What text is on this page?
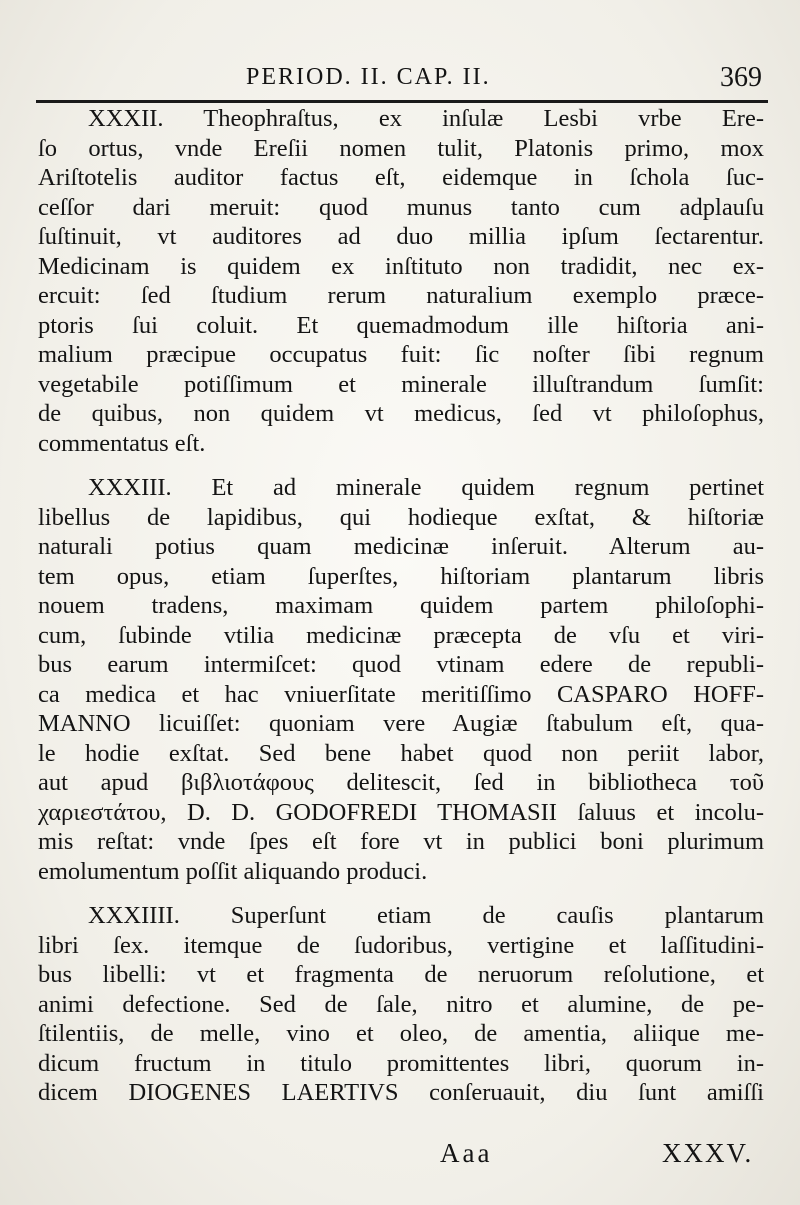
PERIOD. II. CAP. II.	369
XXXII. Theophraſtus, ex inſulæ Lesbi vrbe Ere-
ſo ortus, vnde Ereſii nomen tulit, Platonis primo, mox
Ariſtotelis auditor factus eſt, eidemque in ſchola ſuc-
ceſſor dari meruit: quod munus tanto cum adplauſu
ſuſtinuit, vt auditores ad duo millia ipſum ſectarentur.
Medicinam is quidem ex inſtituto non tradidit, nec ex-
ercuit: ſed ſtudium rerum naturalium exemplo præce-
ptoris ſui coluit. Et quemadmodum ille hiſtoria ani-
malium præcipue occupatus fuit: ſic noſter ſibi regnum
vegetabile potiſſimum et minerale illuſtrandum ſumſit:
de quibus, non quidem vt medicus, ſed vt philoſophus,
commentatus eſt.
XXXIII. Et ad minerale quidem regnum pertinet
libellus de lapidibus, qui hodieque exſtat, & hiſtoriæ
naturali potius quam medicinæ inſeruit. Alterum au-
tem opus, etiam ſuperſtes, hiſtoriam plantarum libris
nouem tradens, maximam quidem partem philoſophi-
cum, ſubinde vtilia medicinæ præcepta de vſu et viri-
bus earum intermiſcet: quod vtinam edere de republi-
ca medica et hac vniuerſitate meritiſſimo CASPARO HOFF-
MANNO licuiſſet: quoniam vere Augiæ ſtabulum eſt, qua-
le hodie exſtat. Sed bene habet quod non periit labor,
aut apud βιβλιοτάφους delitescit, ſed in bibliotheca τοῦ
χαριεστάτου, D. D. GODOFREDI THOMASII ſaluus et incolu-
mis reſtat: vnde ſpes eſt fore vt in publici boni plurimum
emolumentum poſſit aliquando produci.
XXXIIII. Superſunt etiam de cauſis plantarum
libri ſex. itemque de ſudoribus, vertigine et laſſitudini-
bus libelli: vt et fragmenta de neruorum reſolutione, et
animi defectione. Sed de ſale, nitro et alumine, de pe-
ſtilentiis, de melle, vino et oleo, de amentia, aliique me-
dicum fructum in titulo promittentes libri, quorum in-
dicem DIOGENES LAERTIVS conſeruauit, diu ſunt amiſſi
Aaa	XXXV.
